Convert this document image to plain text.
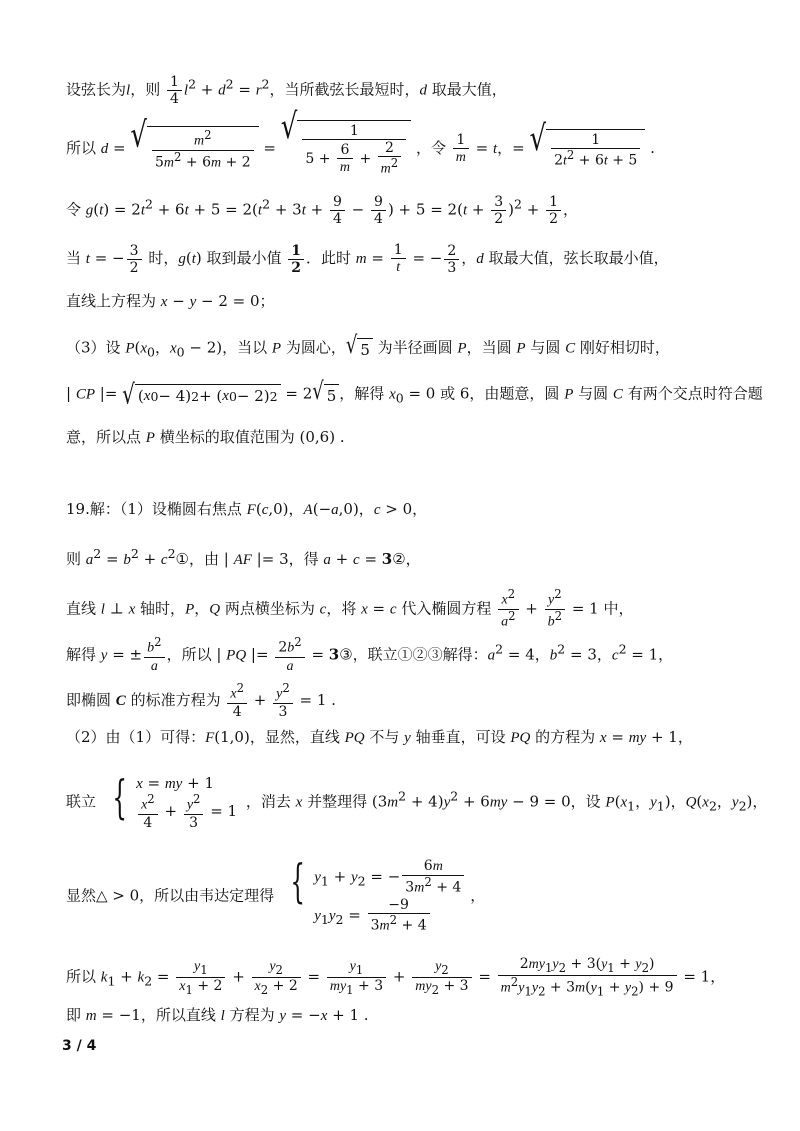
设弦长为l，则 $\frac{1}{4} l^2 + d^2 = r^2$，当所截弦长最短时，d 取最大值，
所以 d = √ $\frac{m^2}{5m^2 + 6m + 2}$ =
√ $\frac{1}{5 + \frac{6}{m} + \frac{2}{m^2}}$ ，令 $\frac{1}{m} = t$，= √ $\frac{1}{2t^2 + 6t + 5}$ .
令 $g(t) = 2t^2 + 6t + 5 = 2(t^2 + 3t + \frac{9}{4} - \frac{9}{4}$ ) + $5 = 2(t + \frac{3}{2} )^2 + \frac{1}{2}$ ，
当 t = − $\frac{3}{2}$ 时，g(t) 取到最小值 $\frac{1}{2}$ ．此时 $m = \frac{1}{t}$ = − $\frac{2}{3}$ ，d 取最大值，弦长取最小值，
直线上方程为 x − y − 2 = 0；
（3）设 $P(x_0$，$x_0 - 2$)，当以 P 为圆心， √ 5 为半径画圆 P，当圆 P 与圆 C 刚好相切时，
| CP |= √ ( x 0 − 4) 2 + ( x 0 − 2) 2 = 2 √ 5 ，解得 $x_0 = 0$ 或 6，由题意，圆 P 与圆 C 有两个交点时符合题
意，所以点 P 横坐标的取值范围为 (0,6) .
19.解：（1）设椭圆右焦点 F(c,0)，A(−a,0)，c > 0，
则 $a^2 = b^2$ + $c^2①$，由 | AF |= 3，得 a + c = 3②，
直线 l ⊥ x 轴时，P，Q 两点横坐标为 c，将 x = c 代入椭圆方程 $\frac{x^2}{a^2} + \frac{y^2}{b^2} = 1$ 中，
解得 y = ± $\frac{b^2}{a}$ ，所以 | PQ |= $\frac{2b^2}{a}$ = 3③，联立①②③解得：$a^2 = 4$，$b^2 = 3$，$c^2 = 1$，
即椭圆 C 的标准方程为 $\frac{x^2}{4} + \frac{y^2}{3} = 1$ .
（2）由（1）可得：F(1,0)，显然，直线 PQ 不与 y 轴垂直，可设 PQ 的方程为 x = my + 1，
联立 { x = my + 1
$\frac{x^2}{4} + \frac{y^2}{3} = 1$
，消去 x 并整理得 $(3m^2 + 4)y^2 + 6my - 9 = 0$，设 $P(x_1$，$y_1$)，$Q(x_2$，$y_2$)，
显然△ > 0，所以由韦达定理得 { $y_1 + y_2$ = − $\frac{6m}{3m^2 + 4}$
$y_1y_2 = \frac{-9}{3m^2 + 4}$
，
所以 $k_1 + k_2 = \frac{y_1}{x_1 + 2} + \frac{y_2}{x_2 + 2} = \frac{y_1}{my_1 + 3} + \frac{y_2}{my_2 + 3} = \frac{2my_1y_2 + 3(y_1 + y_2)}{m^2y_1y_2 + 3m(y_1 + y_2) + 9} = 1$，
即 m = −1，所以直线 l 方程为 y = −x + 1 .
3 / 4
